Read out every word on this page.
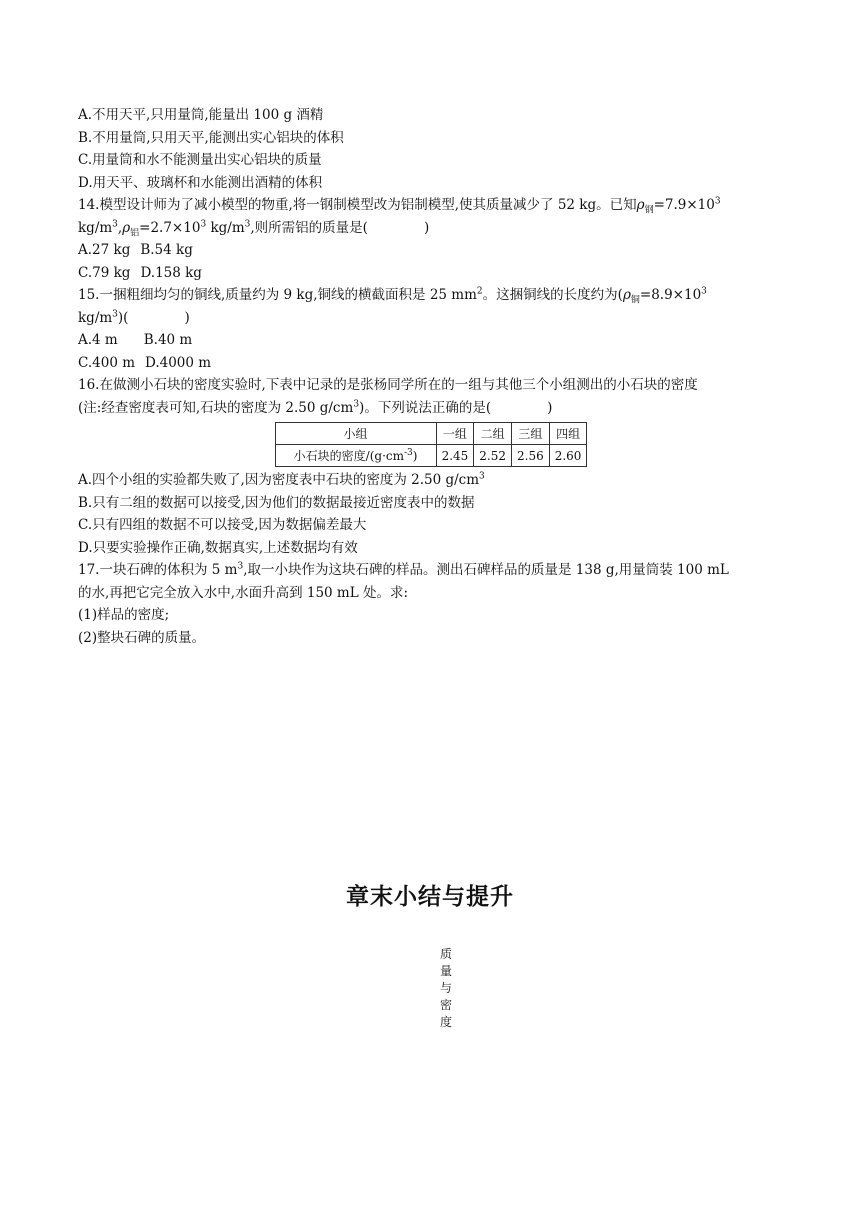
A.不用天平,只用量筒,能量出 100 g 酒精
B.不用量筒,只用天平,能测出实心铝块的体积
C.用量筒和水不能测量出实心铝块的质量
D.用天平、玻璃杯和水能测出酒精的体积
14.模型设计师为了减小模型的物重,将一钢制模型改为铝制模型,使其质量减少了 52 kg。已知$\rho_钢=7.9\times 10^3$
$kg/m^3,\rho_铝=2.7\times 10^3$ $kg/m^3$,则所需铝的质量是(	)
A.27 kg B.54 kg
C.79 kg D.158 kg
15.一捆粗细均匀的铜线,质量约为 9 kg,铜线的横截面积是 25 $mm^2$。这捆铜线的长度约为($\rho_铜=8.9\times 10^3$
$kg/m^3$)(	)
A.4 m B.40 m
C.400 m D.4000 m
16.在做测小石块的密度实验时,下表中记录的是张杨同学所在的一组与其他三个小组测出的小石块的密度
(注:经查密度表可知,石块的密度为 2.50 $g/cm^3$)。下列说法正确的是(	)
小组	一组	二组	三组	四组
小石块的密度$/(g\cdot cm^{-3})$	2.45	2.52	2.56	2.60
A.四个小组的实验都失败了,因为密度表中石块的密度为 2.50 $g/cm^3$
B.只有二组的数据可以接受,因为他们的数据最接近密度表中的数据
C.只有四组的数据不可以接受,因为数据偏差最大
D.只要实验操作正确,数据真实,上述数据均有效
17.一块石碑的体积为 5 $m^3$,取一小块作为这块石碑的样品。测出石碑样品的质量是 138 g,用量筒装 100 mL
的水,再把它完全放入水中,水面升高到 150 mL 处。求:
(1)样品的密度;
(2)整块石碑的质量。
章末小结与提升
质
量
与
密
度
